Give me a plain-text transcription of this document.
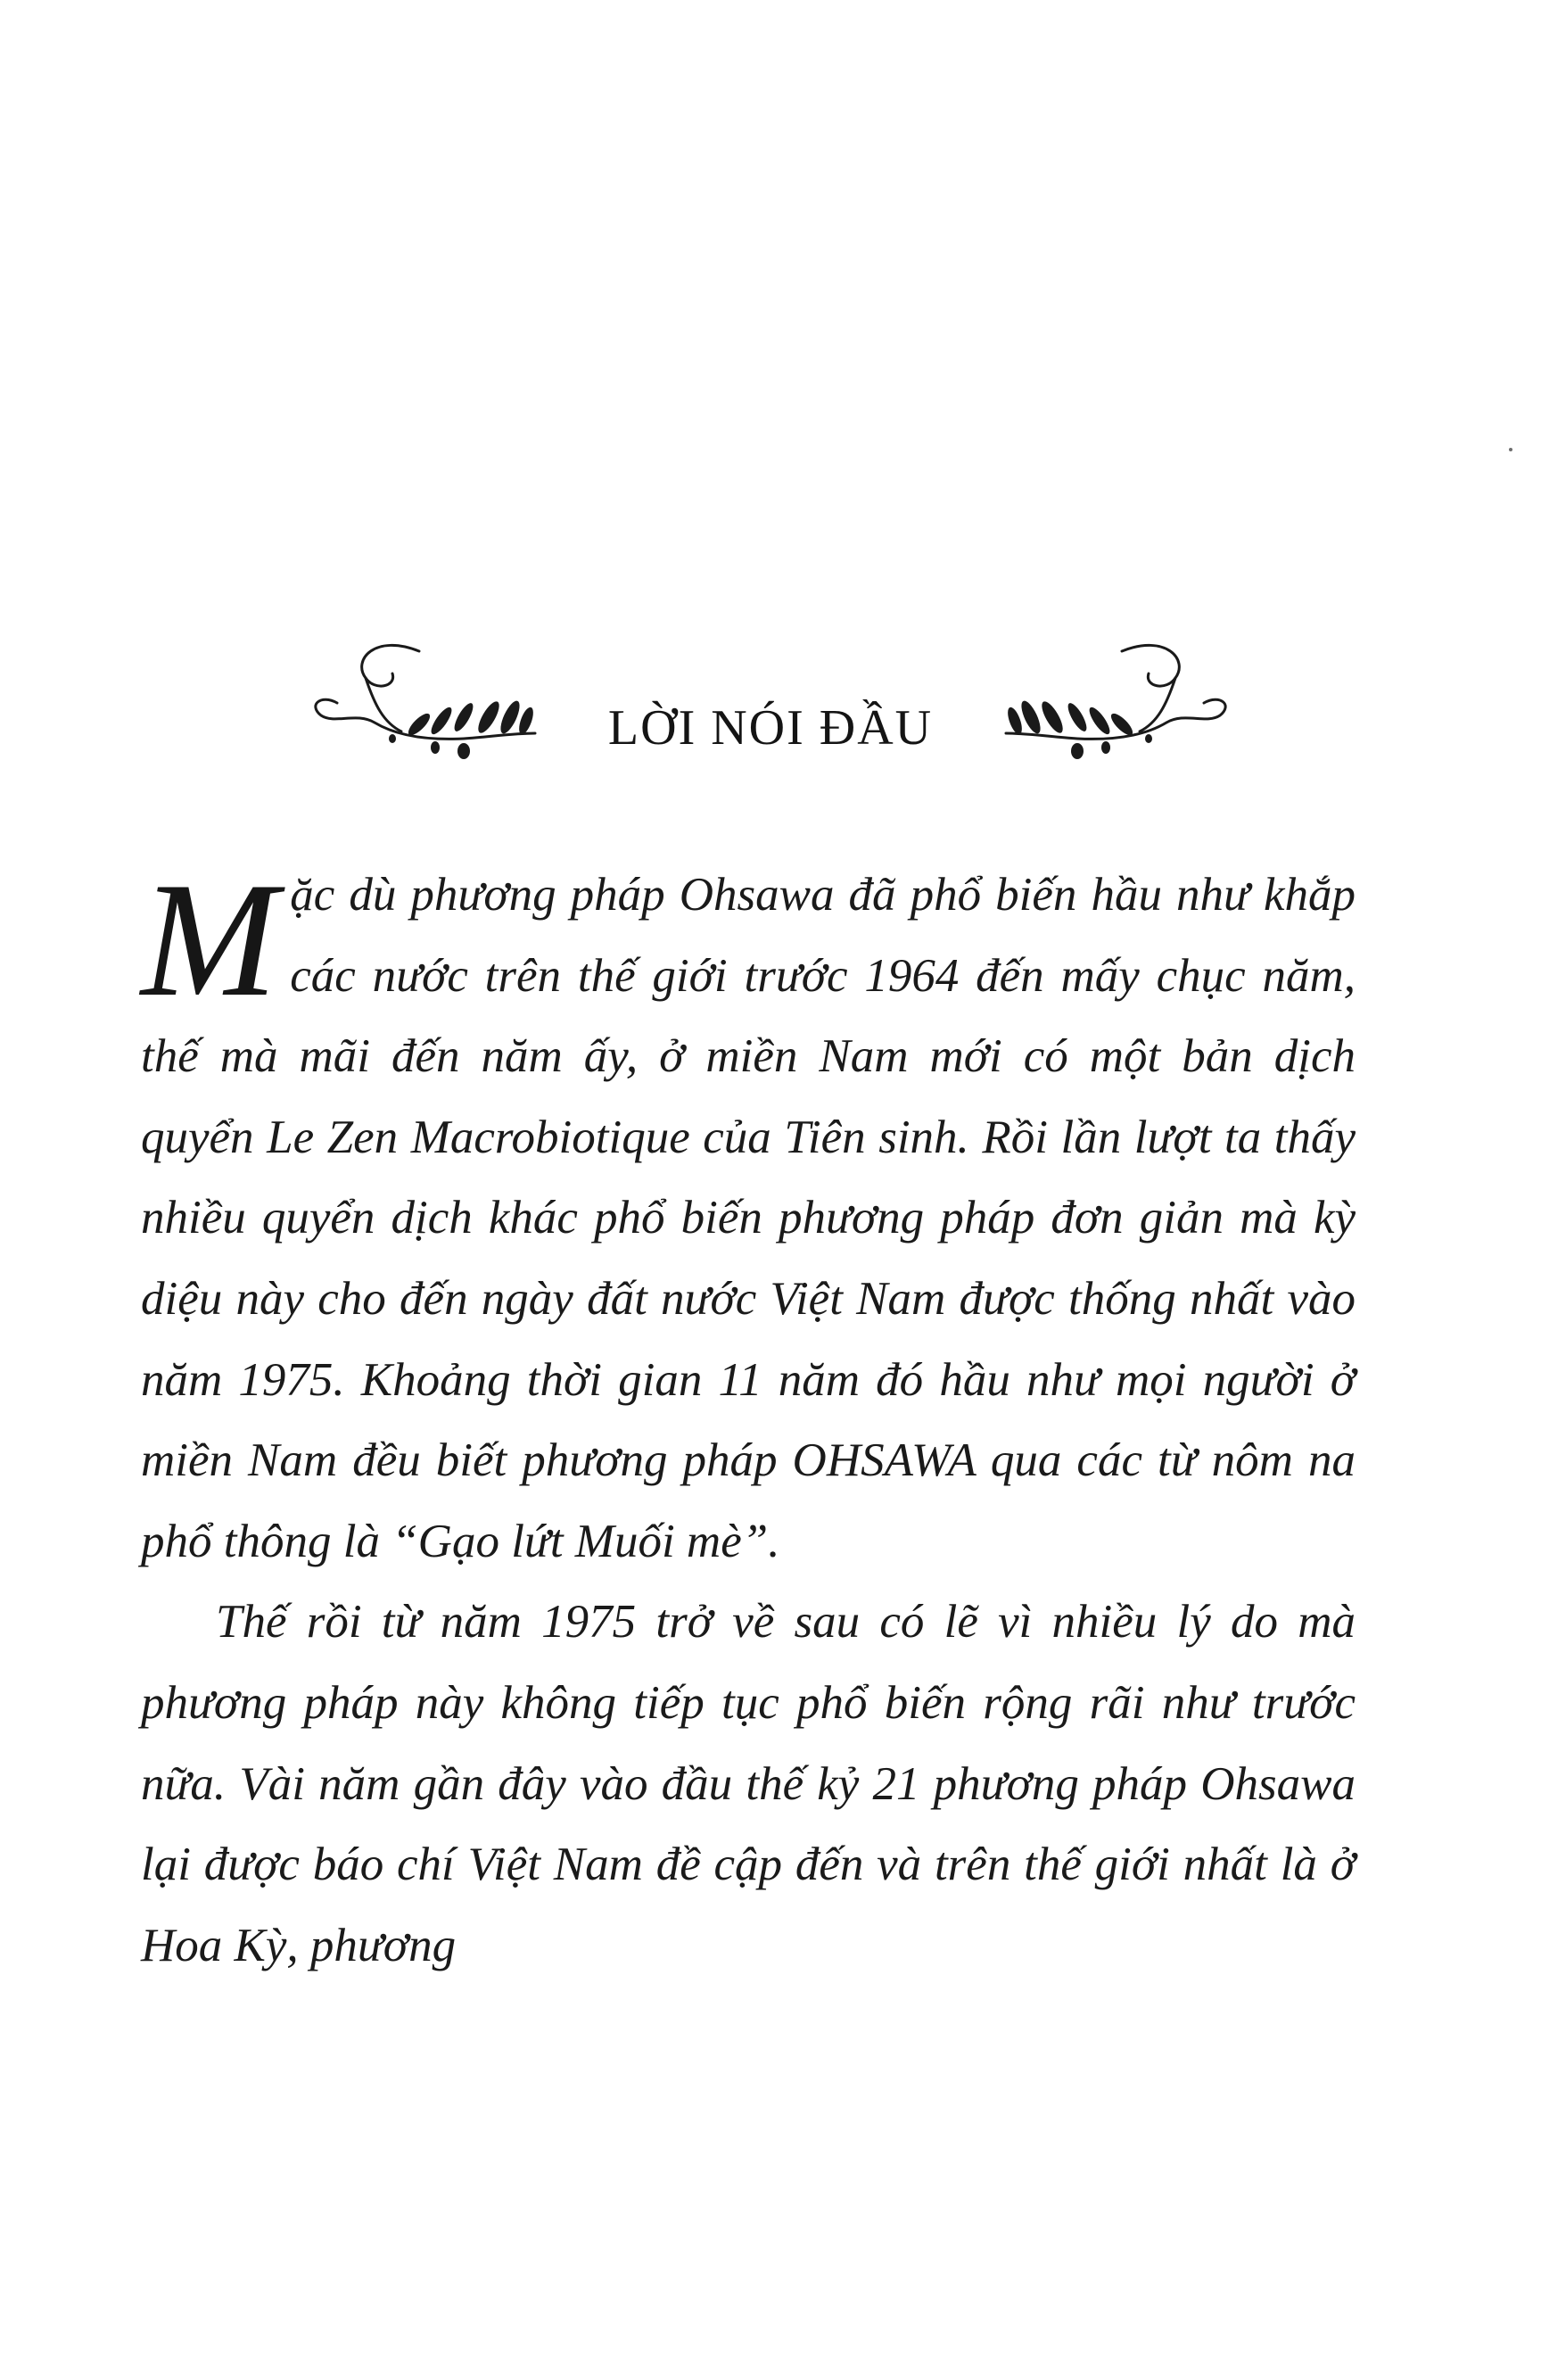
LỜI NÓI ĐẦU

Mặc dù phương pháp Ohsawa đã phổ biến hầu như khắp các nước trên thế giới trước 1964 đến mấy chục năm, thế mà mãi đến năm ấy, ở miền Nam mới có một bản dịch quyển Le Zen Macrobiotique của Tiên sinh. Rồi lần lượt ta thấy nhiều quyển dịch khác phổ biến phương pháp đơn giản mà kỳ diệu này cho đến ngày đất nước Việt Nam được thống nhất vào năm 1975. Khoảng thời gian 11 năm đó hầu như mọi người ở miền Nam đều biết phương pháp OHSAWA qua các từ nôm na phổ thông là “Gạo lứt Muối mè”.

Thế rồi từ năm 1975 trở về sau có lẽ vì nhiều lý do mà phương pháp này không tiếp tục phổ biến rộng rãi như trước nữa. Vài năm gần đây vào đầu thế kỷ 21 phương pháp Ohsawa lại được báo chí Việt Nam đề cập đến và trên thế giới nhất là ở Hoa Kỳ, phương
